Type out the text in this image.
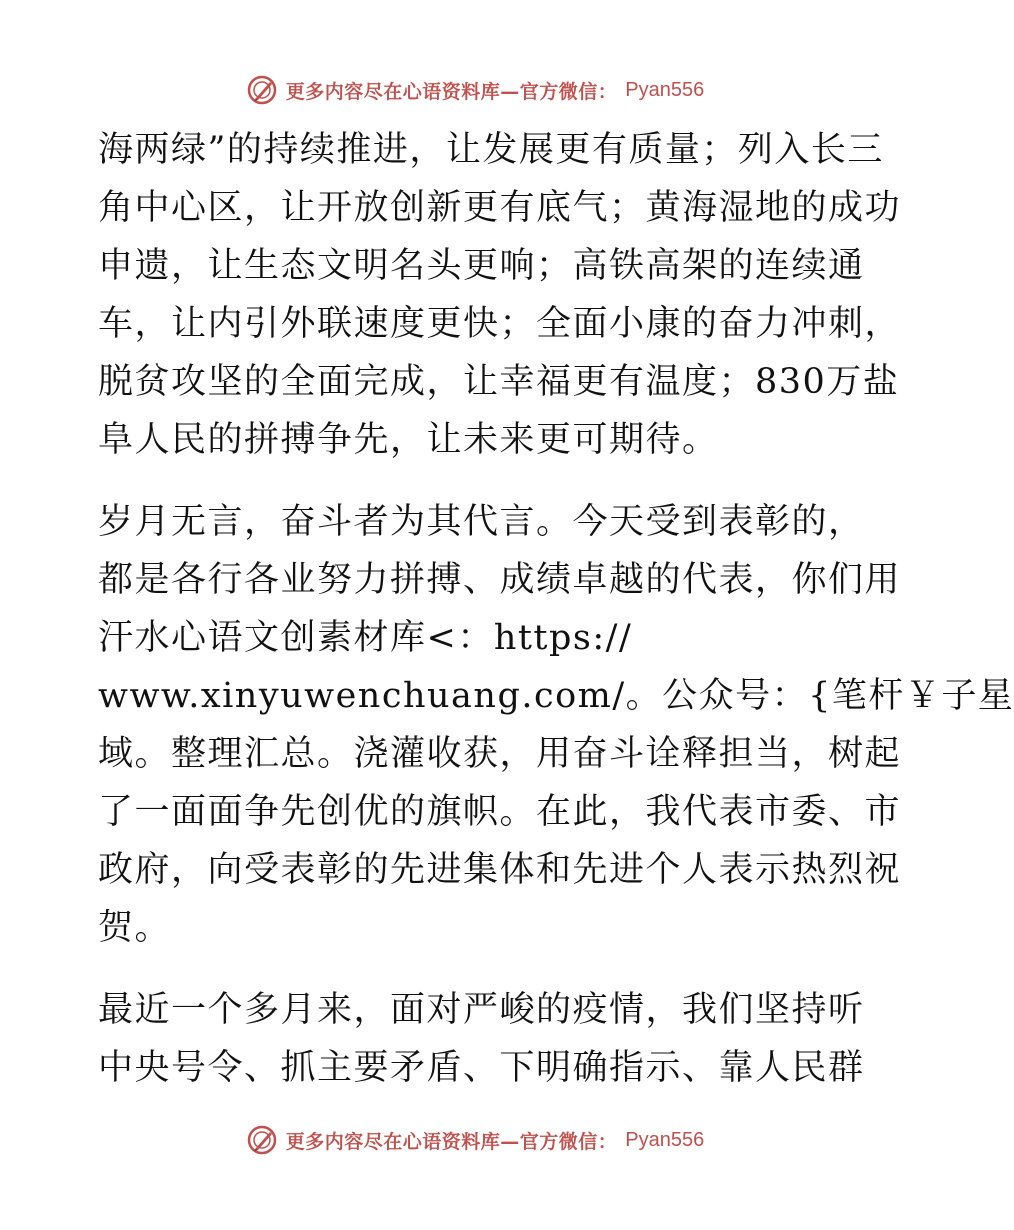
更多内容尽在心语资料库—官方微信： Pyan556
海两绿”的持续推进，让发展更有质量；列入长三
角中心区，让开放创新更有底气；黄海湿地的成功
申遗，让生态文明名头更响；高铁高架的连续通
车，让内引外联速度更快；全面小康的奋力冲刺，
脱贫攻坚的全面完成，让幸福更有温度；830万盐
阜人民的拼搏争先，让未来更可期待。
岁月无言，奋斗者为其代言。今天受到表彰的，
都是各行各业努力拼搏、成绩卓越的代表，你们用
汗水心语文创素材库<：https://
www.xinyuwenchuang.com/。公众号：{笔杆￥子星
域。整理汇总。浇灌收获，用奋斗诠释担当，树起
了一面面争先创优的旗帜。在此，我代表市委、市
政府，向受表彰的先进集体和先进个人表示热烈祝
贺。
最近一个多月来，面对严峻的疫情，我们坚持听
中央号令、抓主要矛盾、下明确指示、靠人民群
更多内容尽在心语资料库—官方微信： Pyan556
